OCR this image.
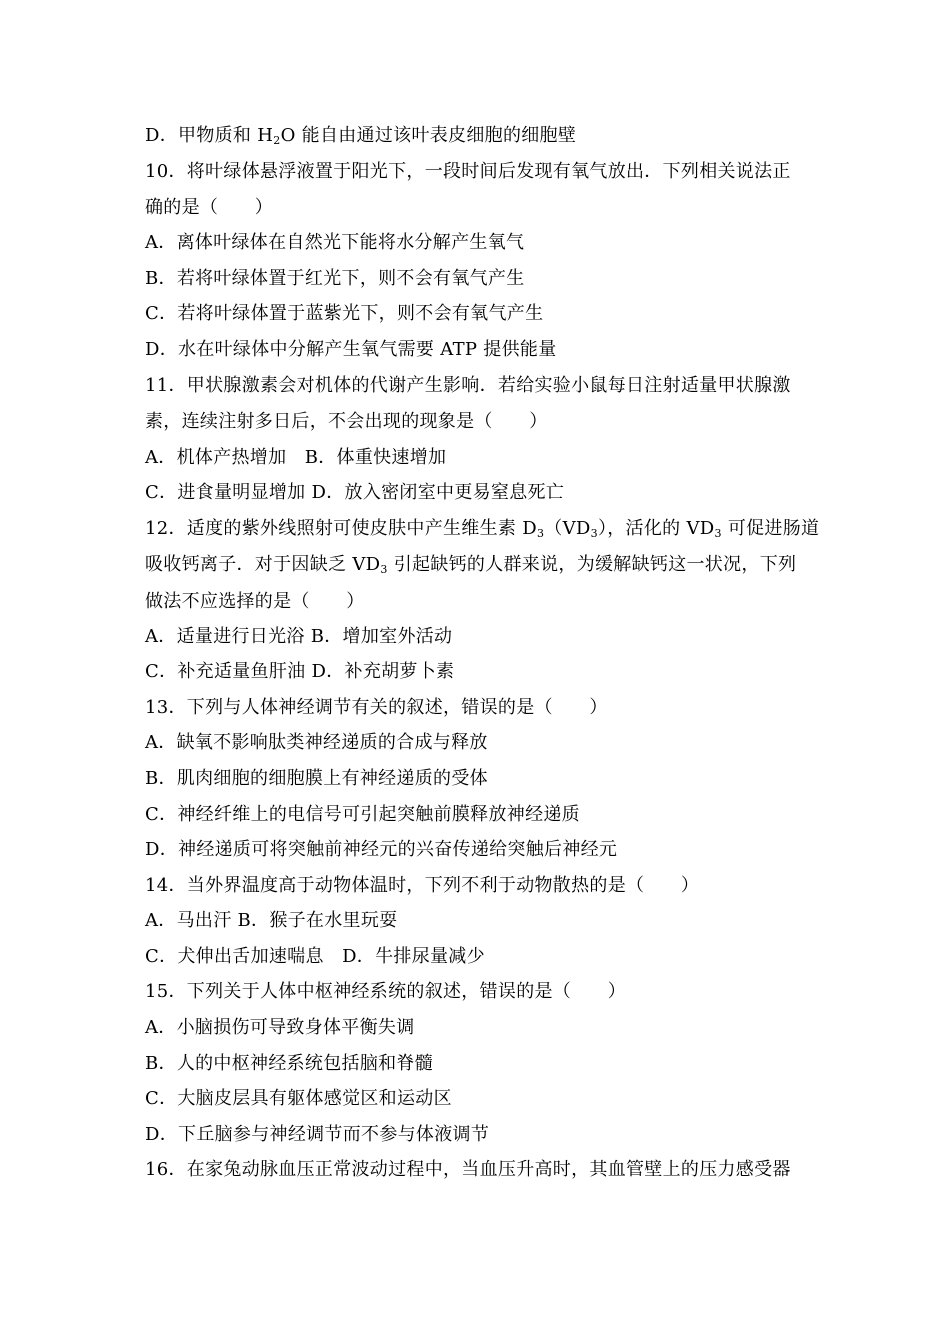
D．甲物质和 $H_2O$ 能自由通过该叶表皮细胞的细胞壁
10．将叶绿体悬浮液置于阳光下，一段时间后发现有氧气放出．下列相关说法正
确的是（　　）
A．离体叶绿体在自然光下能将水分解产生氧气
B．若将叶绿体置于红光下，则不会有氧气产生
C．若将叶绿体置于蓝紫光下，则不会有氧气产生
D．水在叶绿体中分解产生氧气需要 ATP 提供能量
11．甲状腺激素会对机体的代谢产生影响．若给实验小鼠每日注射适量甲状腺激
素，连续注射多日后，不会出现的现象是（　　）
A．机体产热增加　B．体重快速增加
C．进食量明显增加 D．放入密闭室中更易窒息死亡
12．适度的紫外线照射可使皮肤中产生维生素 $D_3(VD_3)$，活化的 $VD_3$ 可促进肠道
吸收钙离子．对于因缺乏 $VD_3$ 引起缺钙的人群来说，为缓解缺钙这一状况，下列
做法不应选择的是（　　）
A．适量进行日光浴 B．增加室外活动
C．补充适量鱼肝油 D．补充胡萝卜素
13．下列与人体神经调节有关的叙述，错误的是（　　）
A．缺氧不影响肽类神经递质的合成与释放
B．肌肉细胞的细胞膜上有神经递质的受体
C．神经纤维上的电信号可引起突触前膜释放神经递质
D．神经递质可将突触前神经元的兴奋传递给突触后神经元
14．当外界温度高于动物体温时，下列不利于动物散热的是（　　）
A．马出汗 B．猴子在水里玩耍
C．犬伸出舌加速喘息　D．牛排尿量减少
15．下列关于人体中枢神经系统的叙述，错误的是（　　）
A．小脑损伤可导致身体平衡失调
B．人的中枢神经系统包括脑和脊髓
C．大脑皮层具有躯体感觉区和运动区
D．下丘脑参与神经调节而不参与体液调节
16．在家兔动脉血压正常波动过程中，当血压升高时，其血管壁上的压力感受器
